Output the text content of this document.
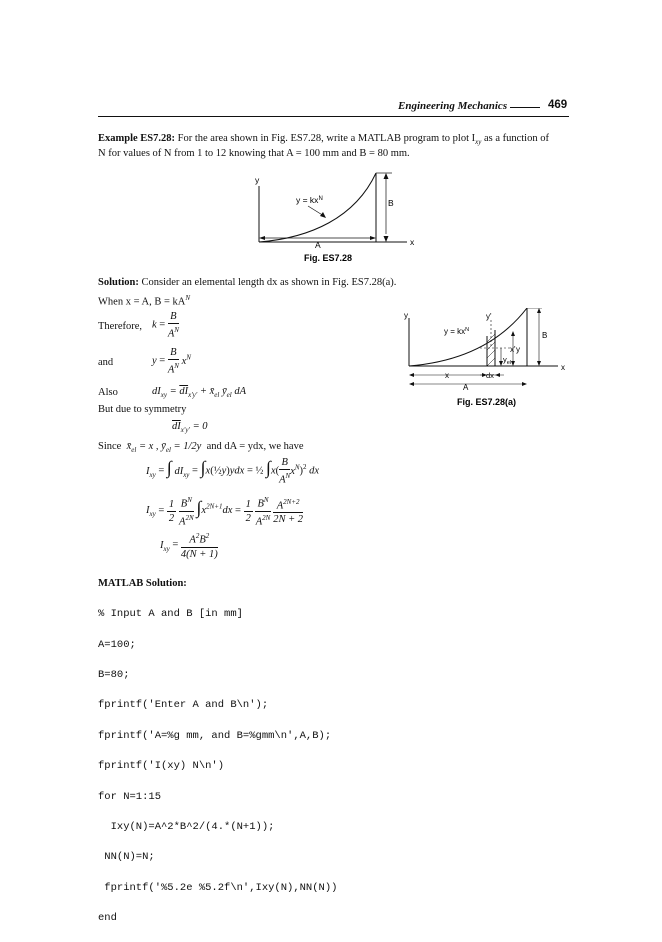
Engineering Mechanics	469
Example ES7.28: For the area shown in Fig. ES7.28, write a MATLAB program to plot $I_{xy}$ as a function of
N for values of N from 1 to 12 knowing that A = 100 mm and B = 80 mm.
y
x
$y = kx^N$	B
A
Fig. ES7.28
Solution: Consider an elemental length dx as shown in Fig. ES7.28(a).
When x = A, $B = kA^N$
Therefore, $k = \frac{B}{A^N}$
and	$y = \frac{B}{A^N} x^N$
Also	$dI_{xy} = \overline{dI}_{x'y'}$ + $x̄_{el}$ $ȳ_{el}$ dA
But due to symmetry
$\overline{dI}_{x'y'} = 0$
Since  $x̄_{el} = x$ , $ȳ_{el} = 1/2y$  and dA = ydx, we have
$I_{xy}$ = ∫ $dI_{xy}$ = ∫x(½y)ydx = ½ $\int x( \frac{B}{A^N} x^N)^2$ dx
$I_{xy} = \frac{1}{2}$
$\frac{B^N}{A^{2N}} \int x^{2N+1}dx = \frac{1}{2}$
$\frac{B^N}{A^{2N}}$
$\frac{A^{2N+2}}{2N + 2}$
$I_{xy} = \frac{A^2B^2}{4(N + 1)}$
y
x
$y = kx^N$
y'
x'
$y_{el}$
y
B
x	dx
A
Fig. ES7.28(a)
MATLAB Solution:

% Input A and B [in mm]

A=100;

B=80;

fprintf('Enter A and B\n');

fprintf('A=%g mm, and B=%gmm\n',A,B);

fprintf('I(xy) N\n')

for N=1:15

Ixy(N)=A^2*B^2/(4.*(N+1));

NN(N)=N;

fprintf('%5.2e %5.2f\n',Ixy(N),NN(N))

end
